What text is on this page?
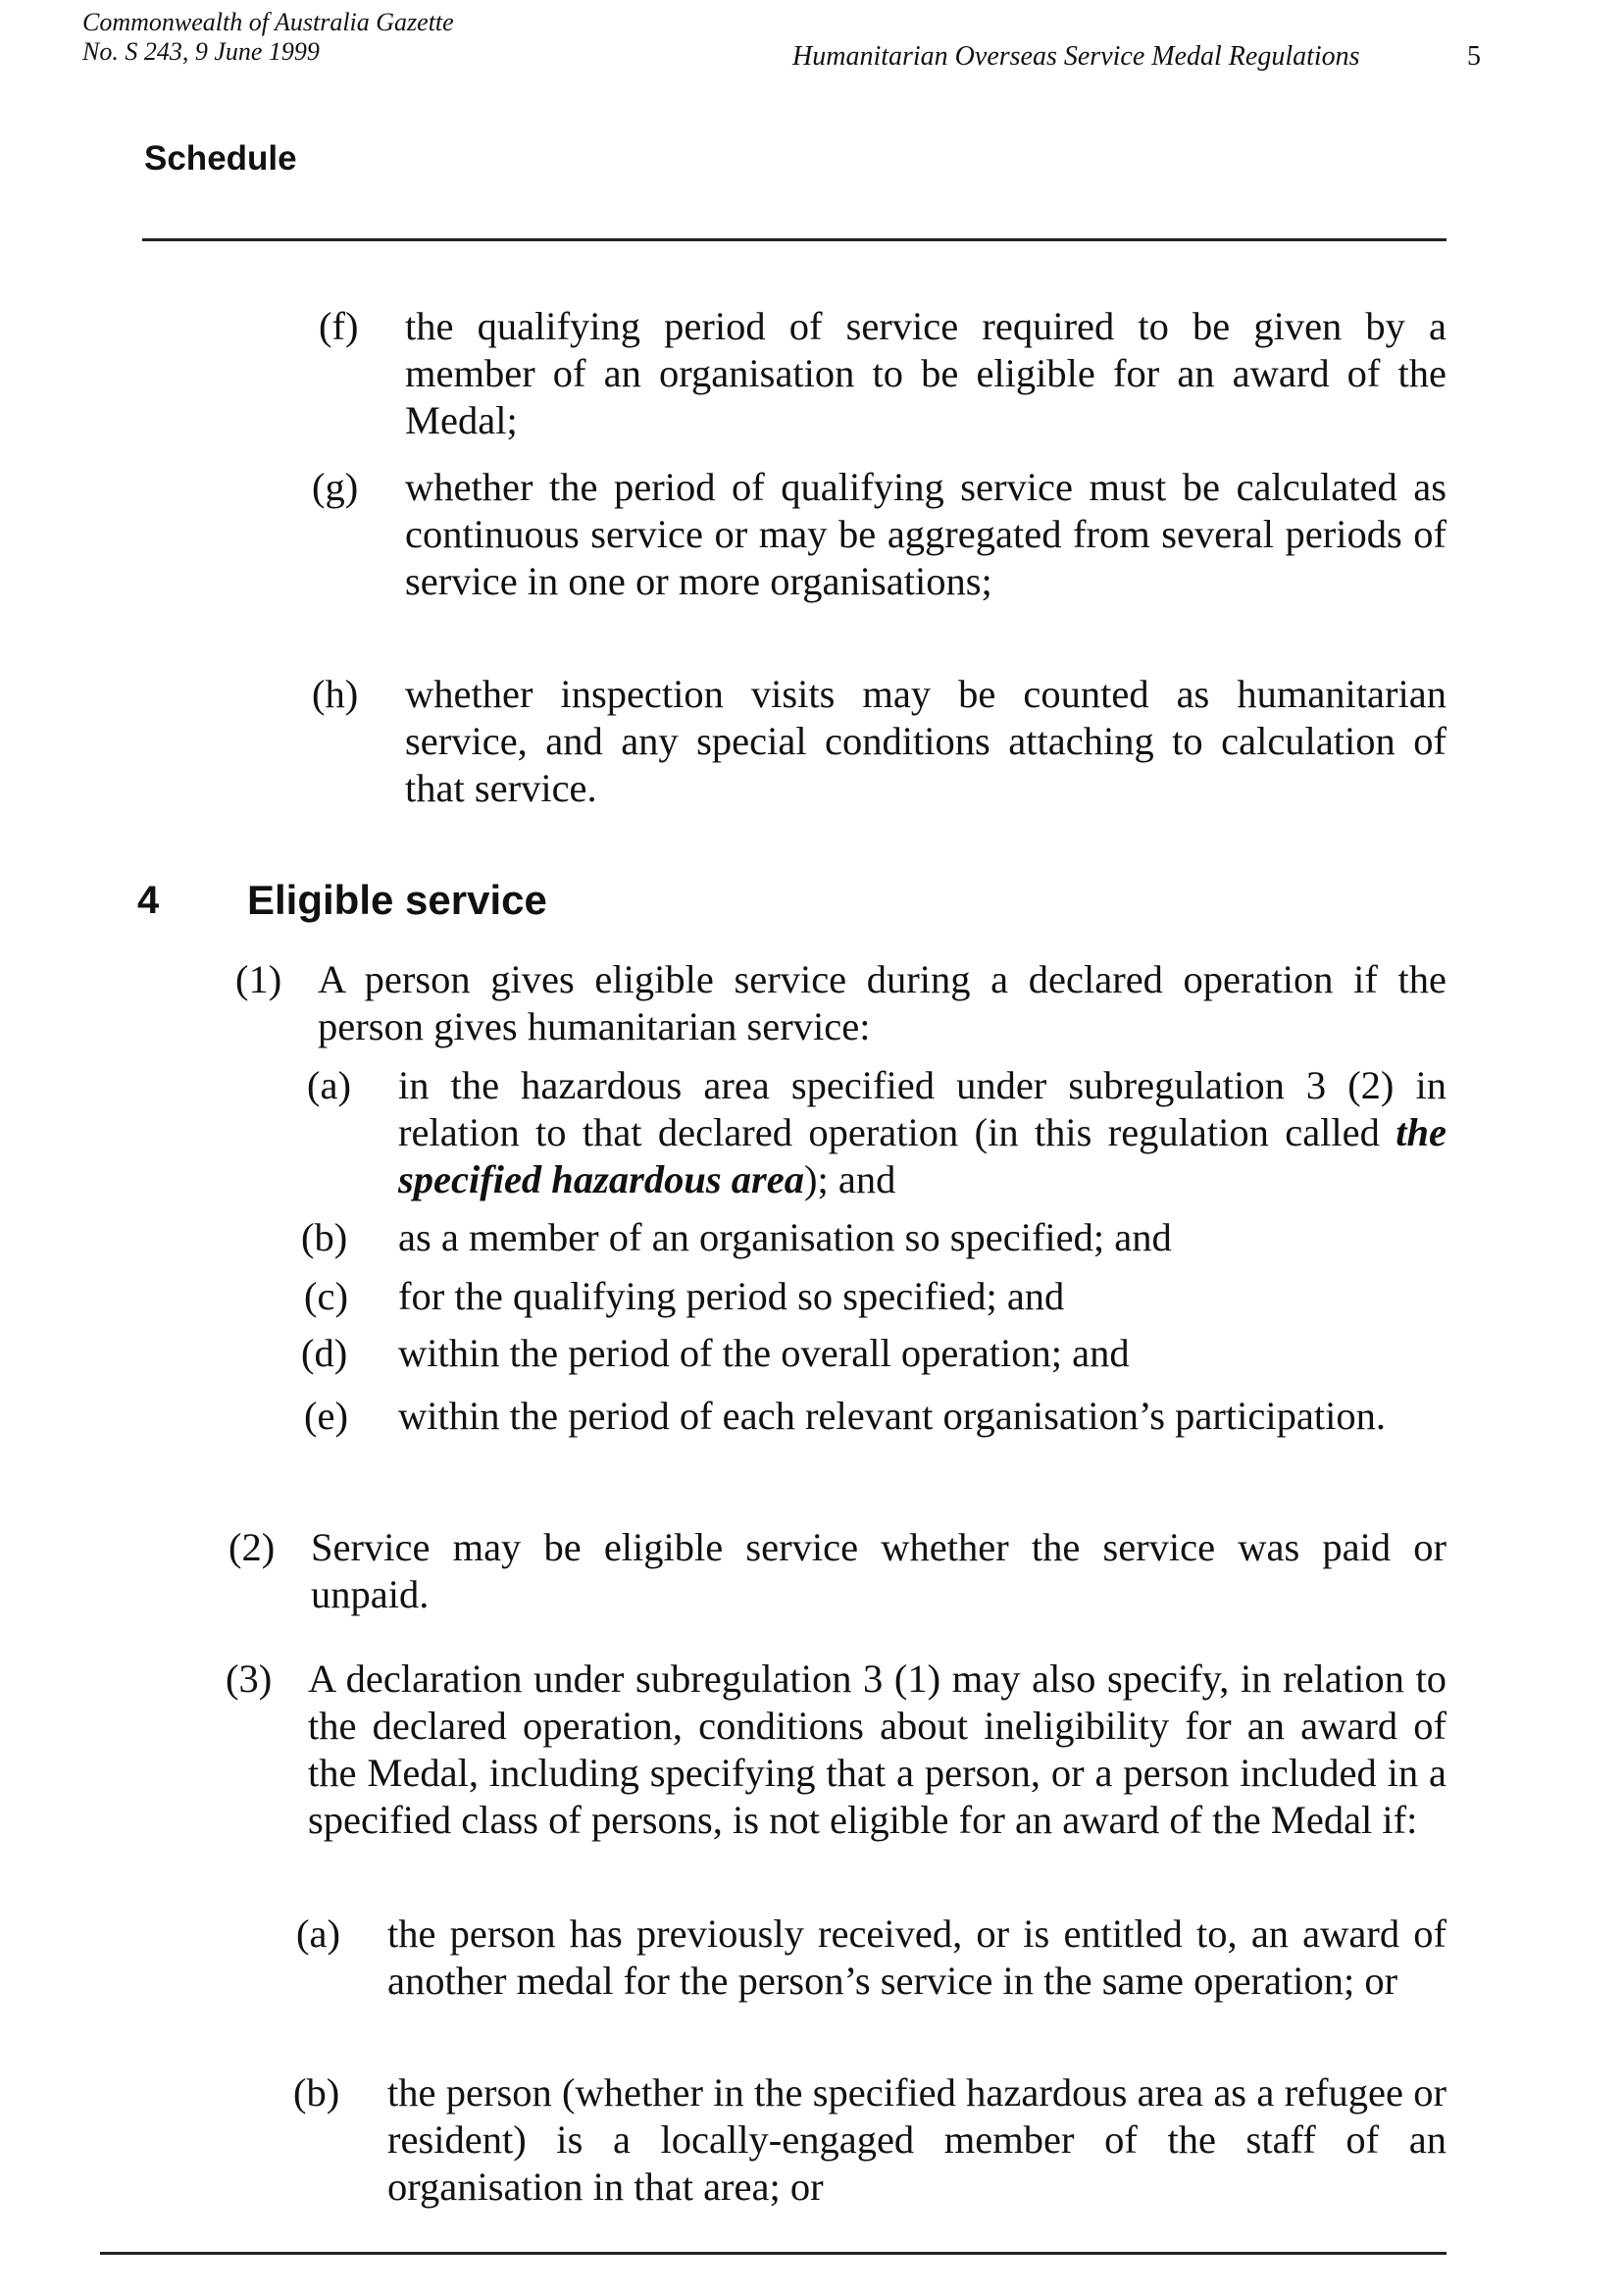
Commonwealth of Australia Gazette
No. S 243, 9 June 1999	Humanitarian Overseas Service Medal Regulations	5
Schedule
(f)	the qualifying period of service required to be given by a member of an organisation to be eligible for an award of the Medal;
(g)	whether the period of qualifying service must be calculated as continuous service or may be aggregated from several periods of service in one or more organisations;
(h)	whether inspection visits may be counted as humanitarian service, and any special conditions attaching to calculation of that service.
4 Eligible service
(1) A person gives eligible service during a declared operation if the person gives humanitarian service:
(a)	in the hazardous area specified under subregulation 3 (2) in relation to that declared operation (in this regulation called the specified hazardous area); and
(b)	as a member of an organisation so specified; and
(c)	for the qualifying period so specified; and
(d)	within the period of the overall operation; and
(e)	within the period of each relevant organisation’s participation.
(2) Service may be eligible service whether the service was paid or unpaid.
(3) A declaration under subregulation 3 (1) may also specify, in relation to the declared operation, conditions about ineligibility for an award of the Medal, including specifying that a person, or a person included in a specified class of persons, is not eligible for an award of the Medal if:
(a)	the person has previously received, or is entitled to, an award of another medal for the person’s service in the same operation; or
(b)	the person (whether in the specified hazardous area as a refugee or resident) is a locally-engaged member of the staff of an organisation in that area; or
